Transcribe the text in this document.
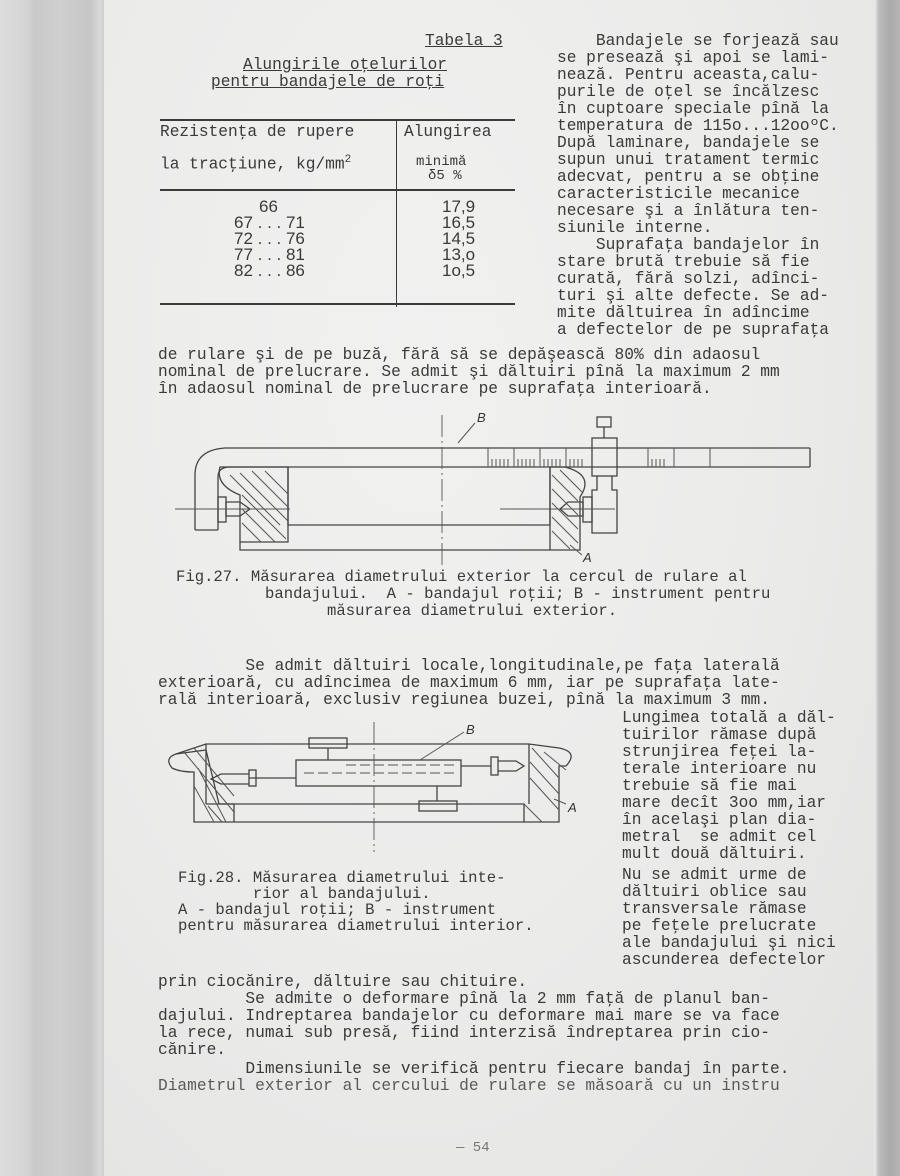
Tabela 3
Alungirile oţelurilor
pentru bandajele de roţi
Rezistenţa de rupere
la tracţiune, $kg/mm^2$
Alungirea
minimă
δ5 %
66	17,9
67 . . . 71	16,5
72 . . . 76	14,5
77 . . . 81	13,o
82 . . . 86	1o,5
Bandajele se forjează sau
se presează şi apoi se lami-
nează. Pentru aceasta,calu-
purile de oţel se încălzesc
în cuptoare speciale pînă la
temperatura de 115o...12ooºC.
După laminare, bandajele se
supun unui tratament termic
adecvat, pentru a se obţine
caracteristicile mecanice
necesare şi a înlătura ten-
siunile interne.
Suprafaţa bandajelor în
stare brută trebuie să fie
curată, fără solzi, adînci-
turi şi alte defecte. Se ad-
mite dăltuirea în adîncime
a defectelor de pe suprafaţa
de rulare şi de pe buză, fără să se depăşească 80% din adaosul
nominal de prelucrare. Se admit şi dăltuiri pînă la maximum 2 mm
în adaosul nominal de prelucrare pe suprafaţa interioară.
B
A
Fig.27. Măsurarea diametrului exterior la cercul de rulare al
bandajului.  A - bandajul roţii; B - instrument pentru
măsurarea diametrului exterior.
Se admit dăltuiri locale,longitudinale,pe faţa laterală
exterioară, cu adîncimea de maximum 6 mm, iar pe suprafaţa late-
rală interioară, exclusiv regiunea buzei, pînă la maximum 3 mm.
B
A
Lungimea totală a dăl-
tuirilor rămase după
strunjirea feţei la-
terale interioare nu
trebuie să fie mai
mare decît 3oo mm,iar
în acelaşi plan dia-
metral  se admit cel
mult două dăltuiri.
Nu se admit urme de
dăltuiri oblice sau
transversale rămase
pe feţele prelucrate
ale bandajului şi nici
ascunderea defectelor
Fig.28. Măsurarea diametrului inte-
rior al bandajului.
A - bandajul roţii; B - instrument
pentru măsurarea diametrului interior.
prin ciocănire, dăltuire sau chituire.
Se admite o deformare pînă la 2 mm faţă de planul ban-
dajului. Indreptarea bandajelor cu deformare mai mare se va face
la rece, numai sub presă, fiind interzisă îndreptarea prin cio-
cănire.
Dimensiunile se verifică pentru fiecare bandaj în parte.
Diametrul exterior al cercului de rulare se măsoară cu un instru
— 54
